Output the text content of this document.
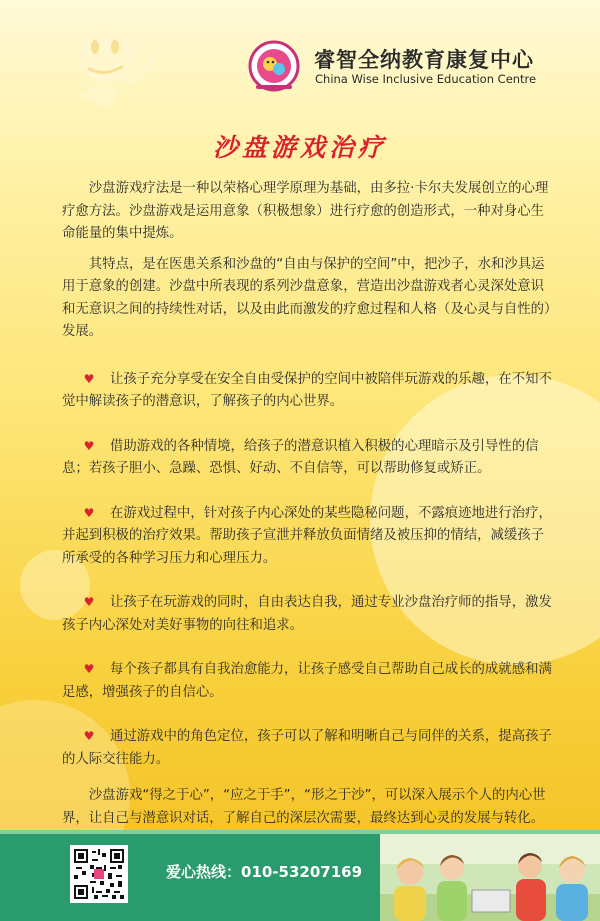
睿智全纳教育康复中心
China Wise Inclusive Education Centre
沙盘游戏治疗

沙盘游戏疗法是一种以荣格心理学原理为基础，由多拉·卡尔夫发展创立的心理疗愈方法。沙盘游戏是运用意象（积极想象）进行疗愈的创造形式，一种对身心生命能量的集中提炼。

其特点，是在医患关系和沙盘的“自由与保护的空间”中，把沙子，水和沙具运用于意象的创建。沙盘中所表现的系列沙盘意象，营造出沙盘游戏者心灵深处意识和无意识之间的持续性对话，以及由此而激发的疗愈过程和人格（及心灵与自性的）发展。

♥ 让孩子充分享受在安全自由受保护的空间中被陪伴玩游戏的乐趣，在不知不觉中解读孩子的潜意识，了解孩子的内心世界。

♥ 借助游戏的各种情境，给孩子的潜意识植入积极的心理暗示及引导性的信息；若孩子胆小、急躁、恐惧、好动、不自信等，可以帮助修复或矫正。

♥ 在游戏过程中，针对孩子内心深处的某些隐秘问题，不露痕迹地进行治疗，并起到积极的治疗效果。帮助孩子宣泄并释放负面情绪及被压抑的情结，减缓孩子所承受的各种学习压力和心理压力。

♥ 让孩子在玩游戏的同时，自由表达自我，通过专业沙盘治疗师的指导，激发孩子内心深处对美好事物的向往和追求。

♥ 每个孩子都具有自我治愈能力，让孩子感受自己帮助自己成长的成就感和满足感，增强孩子的自信心。

♥ 通过游戏中的角色定位，孩子可以了解和明晰自己与同伴的关系，提高孩子的人际交往能力。

沙盘游戏“得之于心”，“应之于手”，“形之于沙”，可以深入展示个人的内心世界，让自己与潜意识对话，了解自己的深层次需要，最终达到心灵的发展与转化。

爱心热线：010-53207169
